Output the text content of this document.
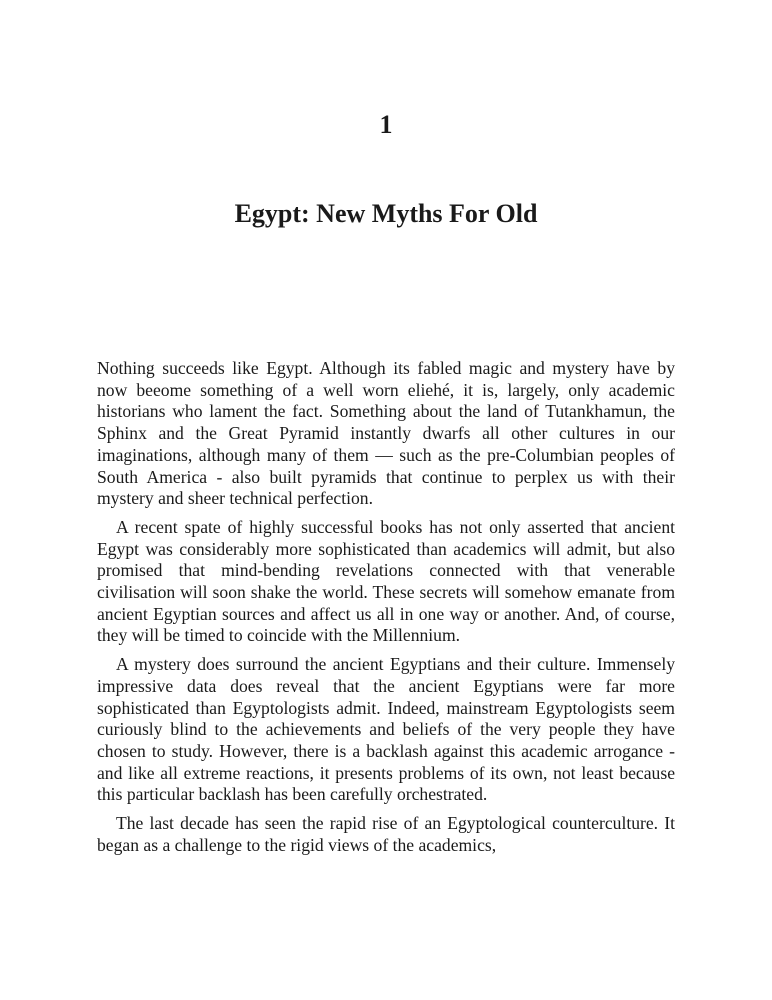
1
Egypt: New Myths For Old

Nothing succeeds like Egypt. Although its fabled magic and mystery have by now beeome something of a well worn eliehé, it is, largely, only academic historians who lament the fact. Something about the land of Tutankhamun, the Sphinx and the Great Pyramid instantly dwarfs all other cultures in our imaginations, although many of them — such as the pre-Columbian peoples of South America - also built pyramids that continue to perplex us with their mystery and sheer technical perfection.

A recent spate of highly successful books has not only asserted that ancient Egypt was considerably more sophisticated than academics will admit, but also promised that mind-bending revelations connected with that venerable civilisation will soon shake the world. These secrets will somehow emanate from ancient Egyptian sources and affect us all in one way or another. And, of course, they will be timed to coincide with the Millennium.

A mystery does surround the ancient Egyptians and their culture. Immensely impressive data does reveal that the ancient Egyptians were far more sophisticated than Egyptologists admit. Indeed, mainstream Egyptologists seem curiously blind to the achievements and beliefs of the very people they have chosen to study. However, there is a backlash against this academic arrogance - and like all extreme reactions, it presents problems of its own, not least because this particular backlash has been carefully orchestrated.

The last decade has seen the rapid rise of an Egyptological counterculture. It began as a challenge to the rigid views of the academics,
